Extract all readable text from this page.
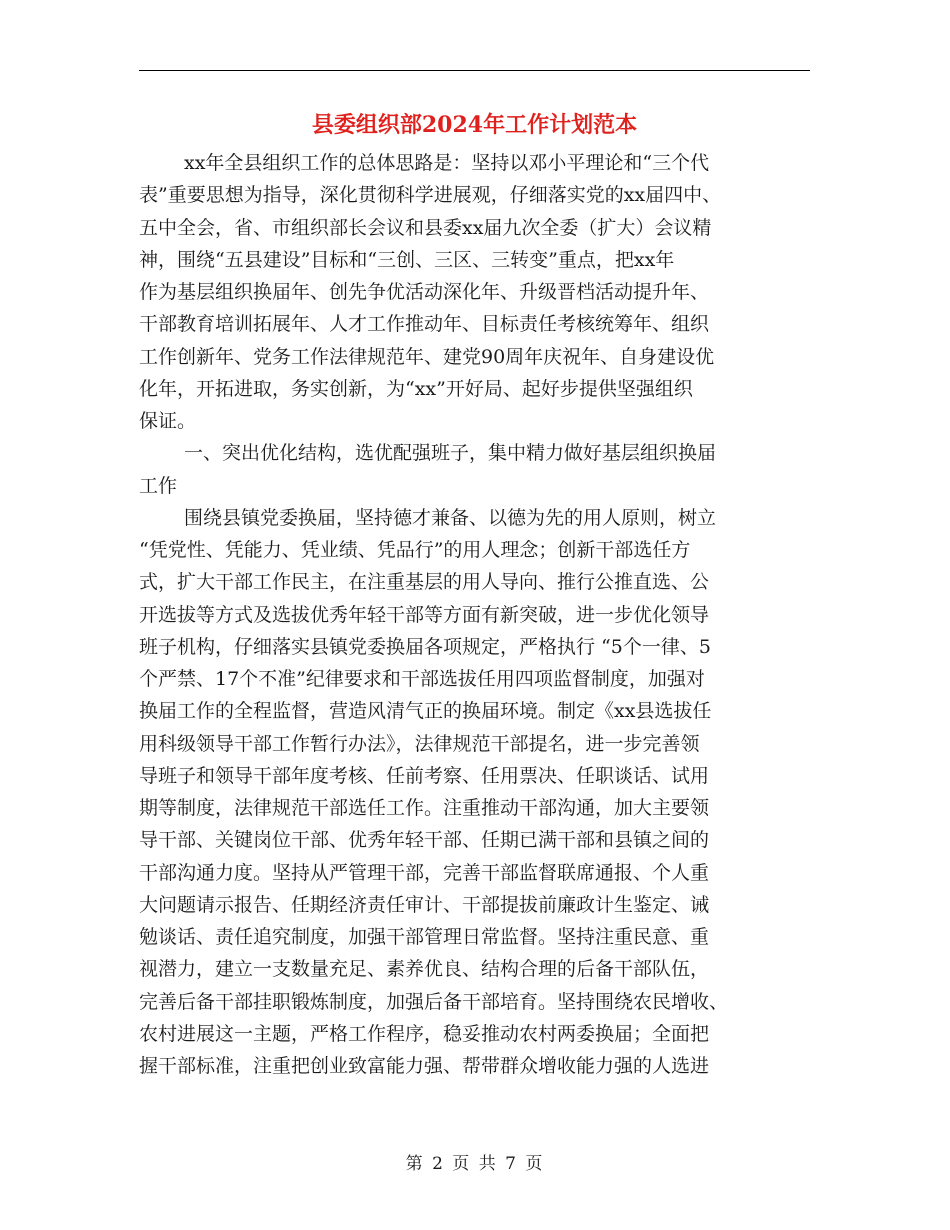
县委组织部2024年工作计划范本
xx年全县组织工作的总体思路是：坚持以邓小平理论和“三个代
表”重要思想为指导，深化贯彻科学进展观，仔细落实党的xx届四中、
五中全会，省、市组织部长会议和县委xx届九次全委（扩大）会议精
神，围绕“五县建设”目标和“三创、三区、三转变”重点，把xx年
作为基层组织换届年、创先争优活动深化年、升级晋档活动提升年、
干部教育培训拓展年、人才工作推动年、目标责任考核统筹年、组织
工作创新年、党务工作法律规范年、建党90周年庆祝年、自身建设优
化年，开拓进取，务实创新，为“xx”开好局、起好步提供坚强组织
保证。
一、突出优化结构，选优配强班子，集中精力做好基层组织换届
工作
围绕县镇党委换届，坚持德才兼备、以德为先的用人原则，树立
“凭党性、凭能力、凭业绩、凭品行”的用人理念；创新干部选任方
式，扩大干部工作民主，在注重基层的用人导向、推行公推直选、公
开选拔等方式及选拔优秀年轻干部等方面有新突破，进一步优化领导
班子机构，仔细落实县镇党委换届各项规定，严格执行 “5个一律、5
个严禁、17个不准”纪律要求和干部选拔任用四项监督制度，加强对
换届工作的全程监督，营造风清气正的换届环境。制定《xx县选拔任
用科级领导干部工作暂行办法》，法律规范干部提名，进一步完善领
导班子和领导干部年度考核、任前考察、任用票决、任职谈话、试用
期等制度，法律规范干部选任工作。注重推动干部沟通，加大主要领
导干部、关键岗位干部、优秀年轻干部、任期已满干部和县镇之间的
干部沟通力度。坚持从严管理干部，完善干部监督联席通报、个人重
大问题请示报告、任期经济责任审计、干部提拔前廉政计生鉴定、诫
勉谈话、责任追究制度，加强干部管理日常监督。坚持注重民意、重
视潜力，建立一支数量充足、素养优良、结构合理的后备干部队伍，
完善后备干部挂职锻炼制度，加强后备干部培育。坚持围绕农民增收、
农村进展这一主题，严格工作程序，稳妥推动农村两委换届；全面把
握干部标准，注重把创业致富能力强、帮带群众增收能力强的人选进
第 2 页 共 7 页
